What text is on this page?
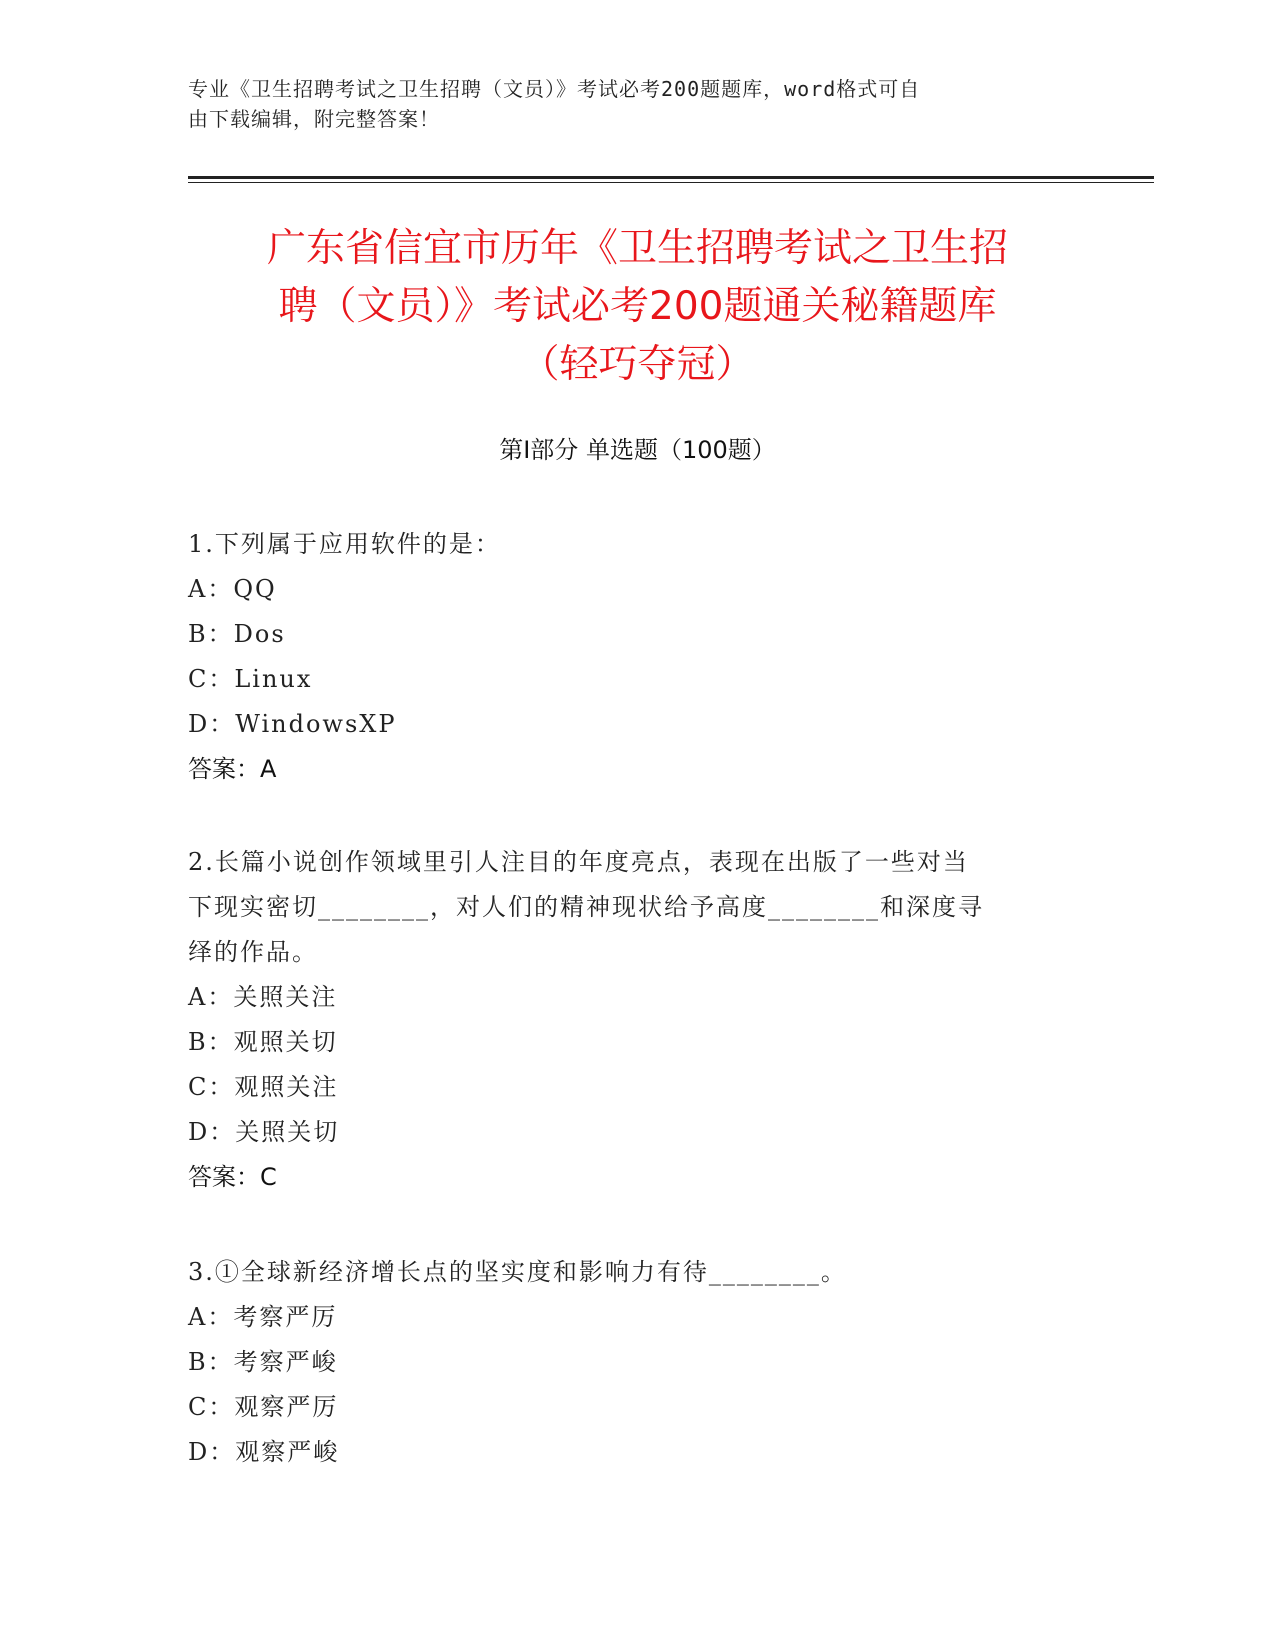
专业《卫生招聘考试之卫生招聘（文员）》考试必考200题题库，word格式可自
由下载编辑，附完整答案！
广东省信宜市历年《卫生招聘考试之卫生招
聘（文员）》考试必考200题通关秘籍题库
（轻巧夺冠）
第Ⅰ部分 单选题（100题）
1.下列属于应用软件的是：
A：QQ
B：Dos
C：Linux
D：WindowsXP
答案：A
2.长篇小说创作领域里引人注目的年度亮点，表现在出版了一些对当
下现实密切________，对人们的精神现状给予高度________和深度寻
绎的作品。
A：关照关注
B：观照关切
C：观照关注
D：关照关切
答案：C
3.①全球新经济增长点的坚实度和影响力有待________。
A：考察严厉
B：考察严峻
C：观察严厉
D：观察严峻
